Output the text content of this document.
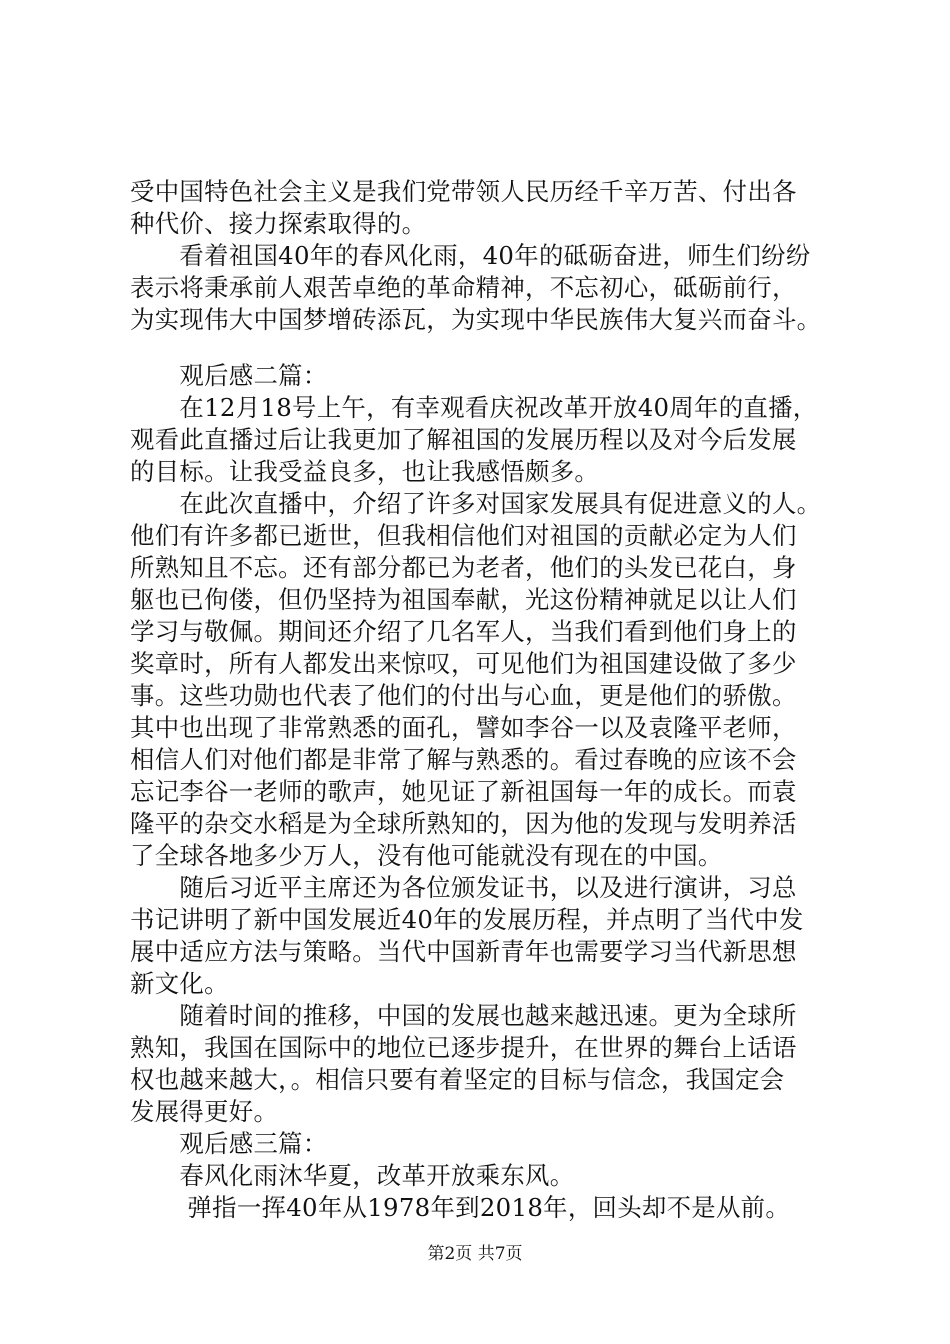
受中国特色社会主义是我们党带领人民历经千辛万苦、付出各
种代价、接力探索取得的。
　　看着祖国40年的春风化雨，40年的砥砺奋进，师生们纷纷
表示将秉承前人艰苦卓绝的革命精神，不忘初心，砥砺前行，
为实现伟大中国梦增砖添瓦，为实现中华民族伟大复兴而奋斗。
　　观后感二篇：
　　在12月18号上午，有幸观看庆祝改革开放40周年的直播，
观看此直播过后让我更加了解祖国的发展历程以及对今后发展
的目标。让我受益良多，也让我感悟颇多。
　　在此次直播中，介绍了许多对国家发展具有促进意义的人。
他们有许多都已逝世，但我相信他们对祖国的贡献必定为人们
所熟知且不忘。还有部分都已为老者，他们的头发已花白，身
躯也已佝偻，但仍坚持为祖国奉献，光这份精神就足以让人们
学习与敬佩。期间还介绍了几名军人，当我们看到他们身上的
奖章时，所有人都发出来惊叹，可见他们为祖国建设做了多少
事。这些功勋也代表了他们的付出与心血，更是他们的骄傲。
其中也出现了非常熟悉的面孔，譬如李谷一以及袁隆平老师，
相信人们对他们都是非常了解与熟悉的。看过春晚的应该不会
忘记李谷一老师的歌声，她见证了新祖国每一年的成长。而袁
隆平的杂交水稻是为全球所熟知的，因为他的发现与发明养活
了全球各地多少万人，没有他可能就没有现在的中国。
　　随后习近平主席还为各位颁发证书，以及进行演讲，习总
书记讲明了新中国发展近40年的发展历程，并点明了当代中发
展中适应方法与策略。当代中国新青年也需要学习当代新思想
新文化。
　　随着时间的推移，中国的发展也越来越迅速。更为全球所
熟知，我国在国际中的地位已逐步提升，在世界的舞台上话语
权也越来越大，。相信只要有着坚定的目标与信念，我国定会
发展得更好。
　　观后感三篇：
　　春风化雨沐华夏，改革开放乘东风。
　　 弹指一挥40年从1978年到2018年，回头却不是从前。
第2页 共7页
